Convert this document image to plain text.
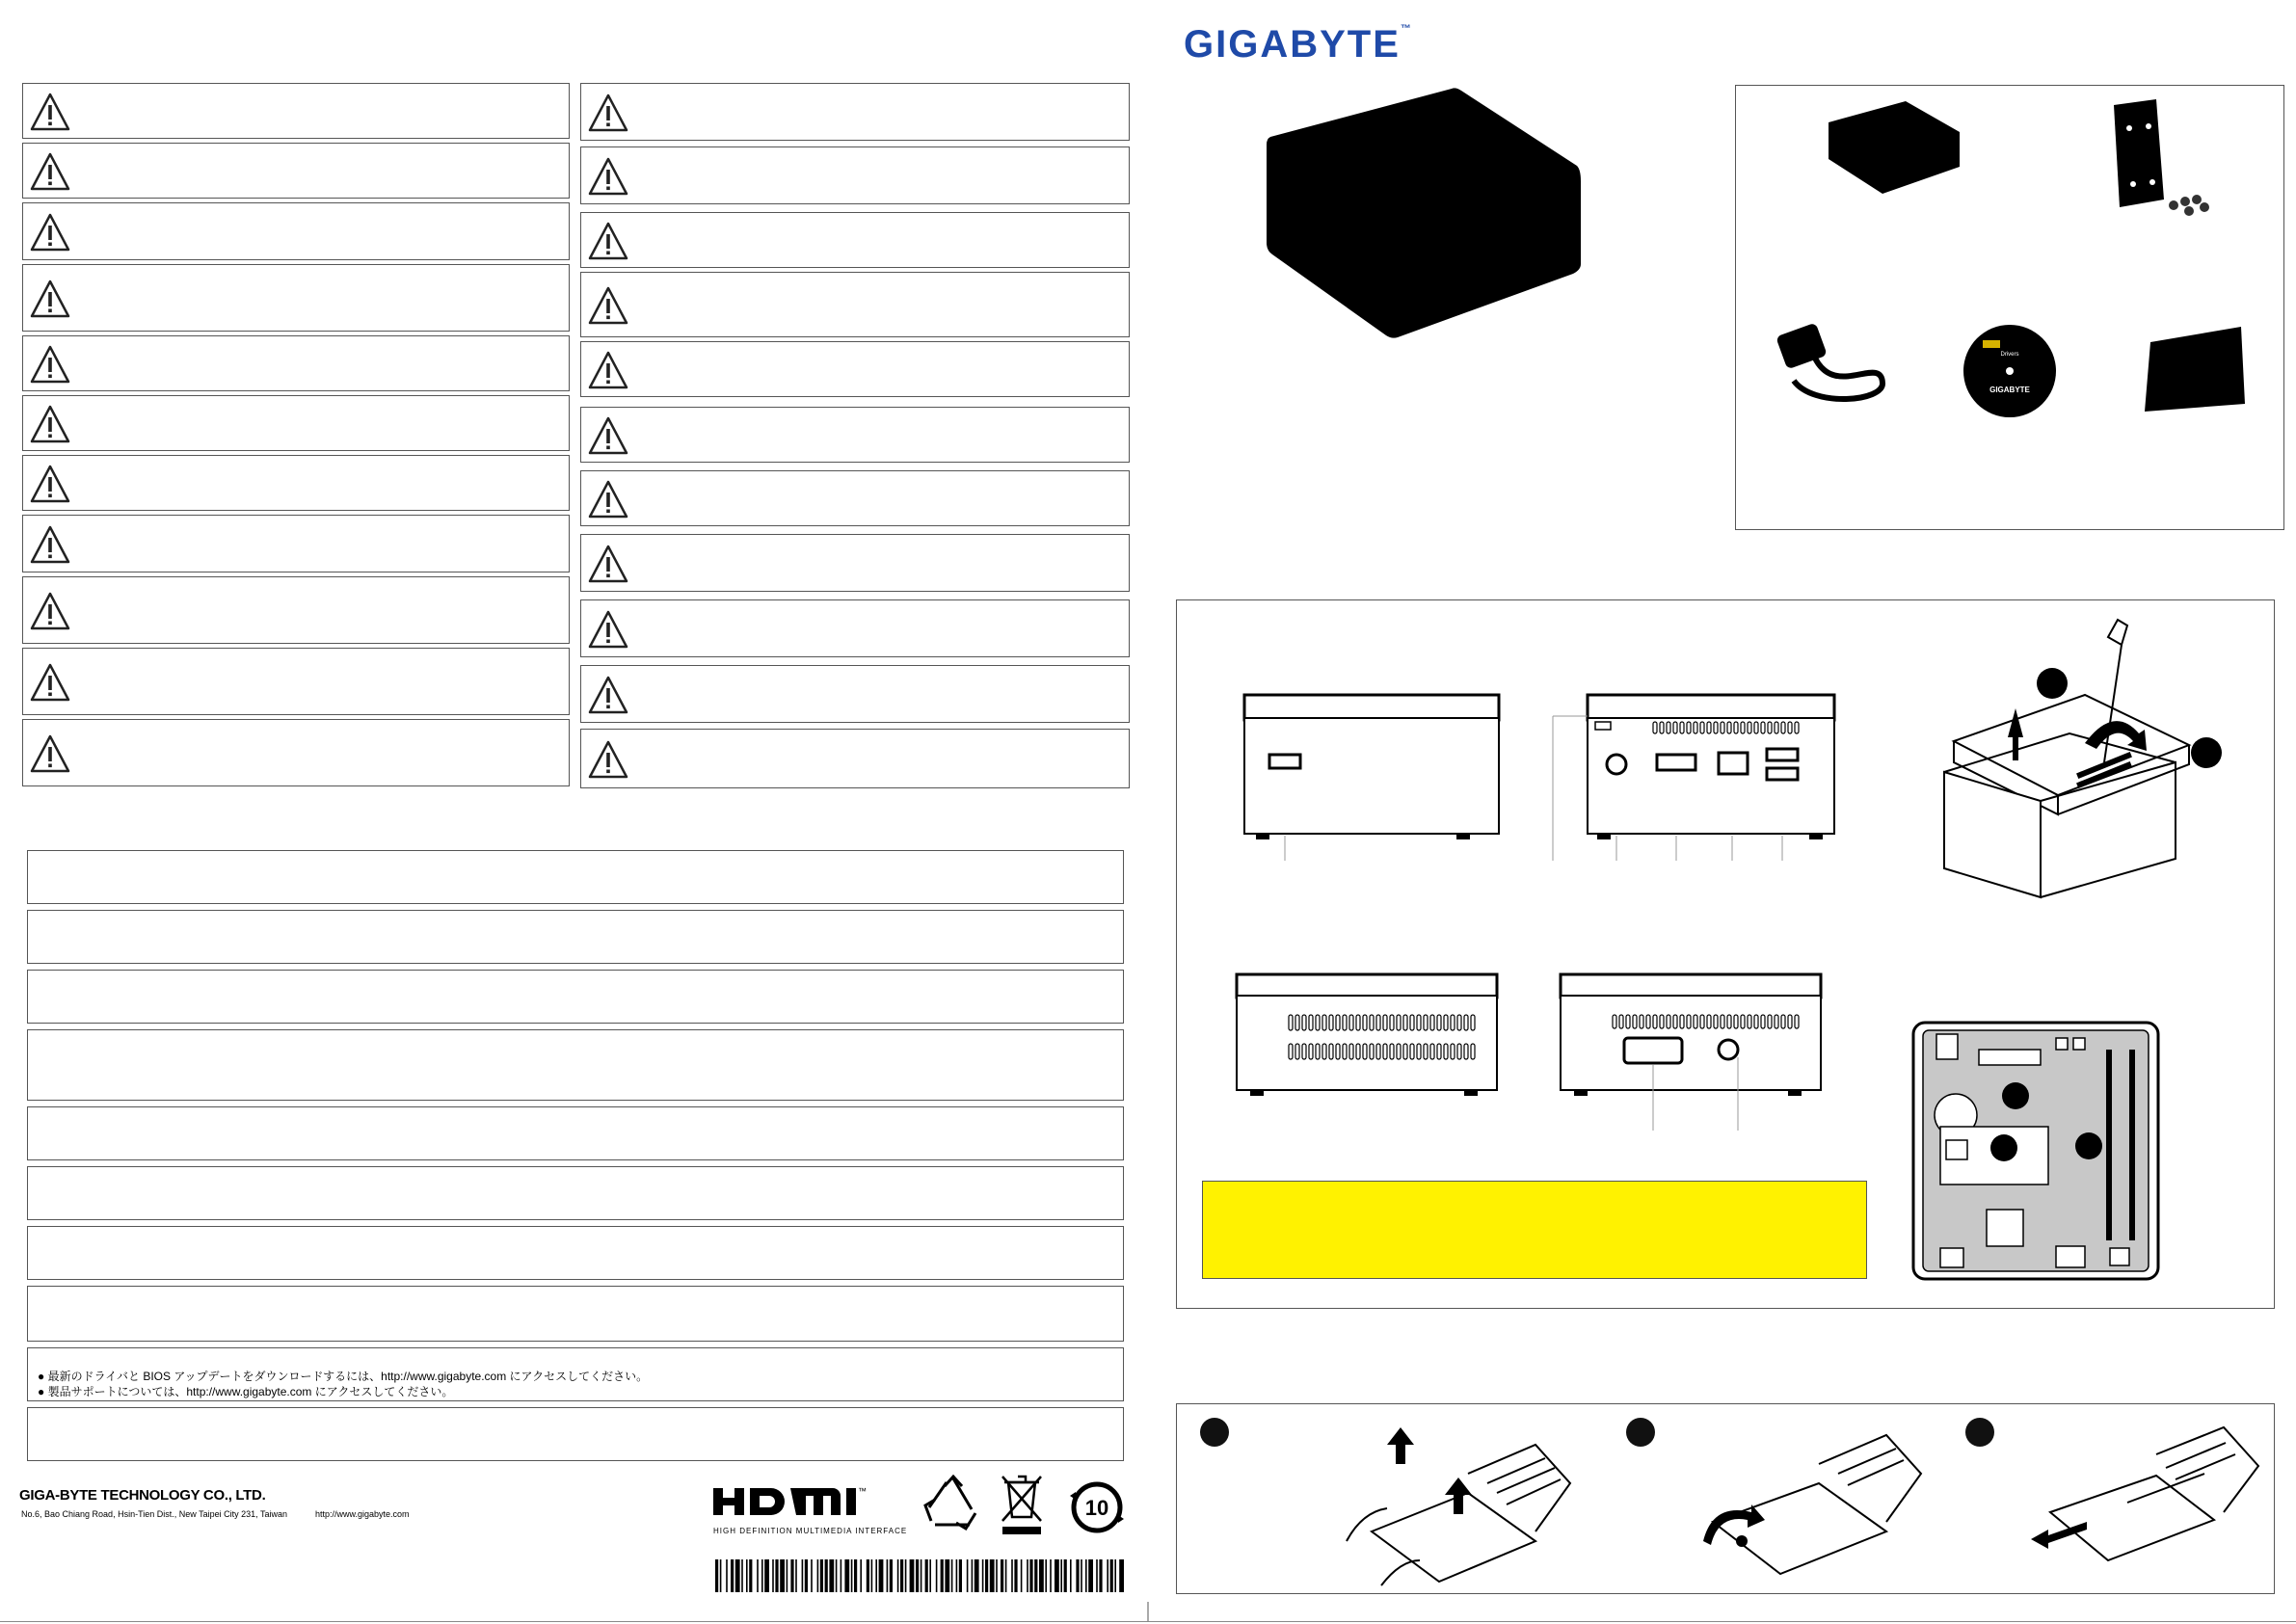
GIGABYTE™
● 最新のドライバと BIOS アップデートをダウンロードするには、http://www.gigabyte.com にアクセスしてください。
● 製品サポートについては、http://www.gigabyte.com にアクセスしてください。
GIGA-BYTE TECHNOLOGY CO., LTD.
No.6, Bao Chiang Road, Hsin-Tien Dist., New Taipei City 231, Taiwan	http://www.gigabyte.com
™
HIGH DEFINITION MULTIMEDIA INTERFACE
10
Drivers
GIGABYTE
